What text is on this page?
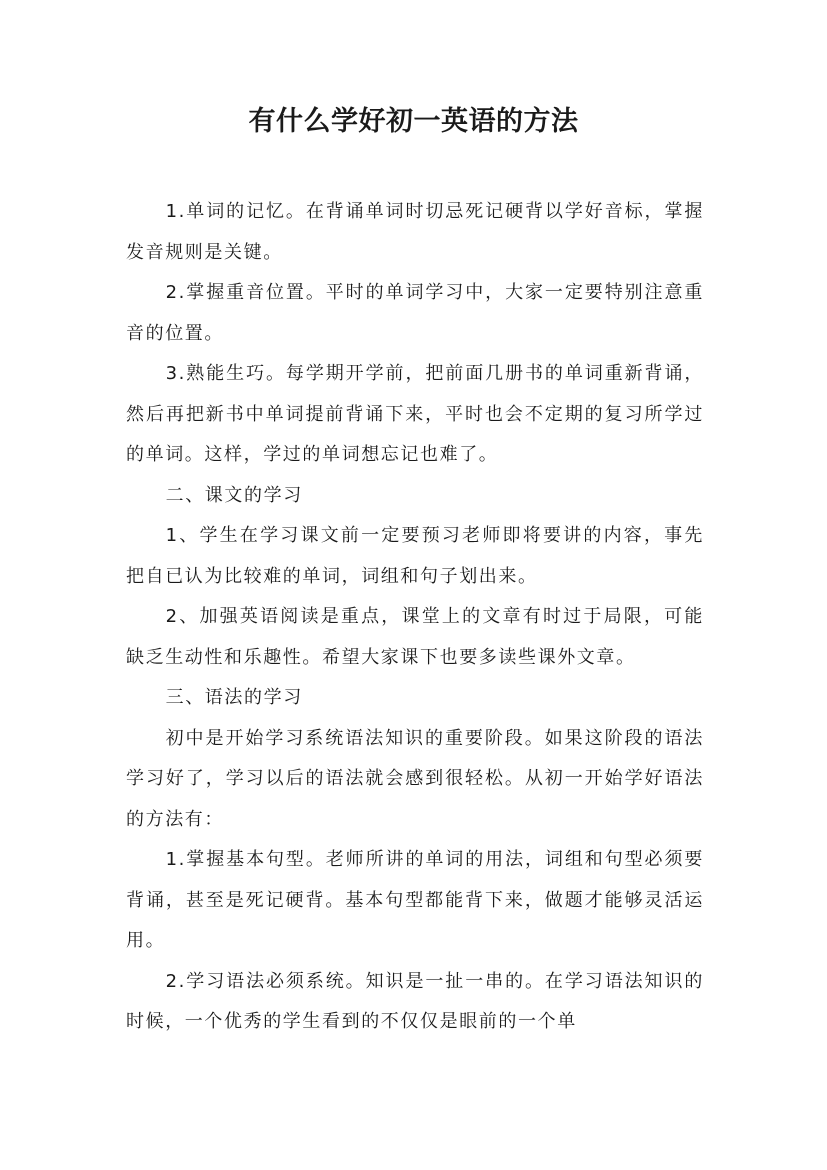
有什么学好初一英语的方法

1.单词的记忆。在背诵单词时切忌死记硬背以学好音标，掌握发音规则是关键。

2.掌握重音位置。平时的单词学习中，大家一定要特别注意重音的位置。

3.熟能生巧。每学期开学前，把前面几册书的单词重新背诵，然后再把新书中单词提前背诵下来，平时也会不定期的复习所学过的单词。这样，学过的单词想忘记也难了。

二、课文的学习

1、学生在学习课文前一定要预习老师即将要讲的内容，事先把自已认为比较难的单词，词组和句子划出来。

2、加强英语阅读是重点，课堂上的文章有时过于局限，可能缺乏生动性和乐趣性。希望大家课下也要多读些课外文章。

三、语法的学习

初中是开始学习系统语法知识的重要阶段。如果这阶段的语法学习好了，学习以后的语法就会感到很轻松。从初一开始学好语法的方法有：

1.掌握基本句型。老师所讲的单词的用法，词组和句型必须要背诵，甚至是死记硬背。基本句型都能背下来，做题才能够灵活运用。

2.学习语法必须系统。知识是一扯一串的。在学习语法知识的时候，一个优秀的学生看到的不仅仅是眼前的一个单
